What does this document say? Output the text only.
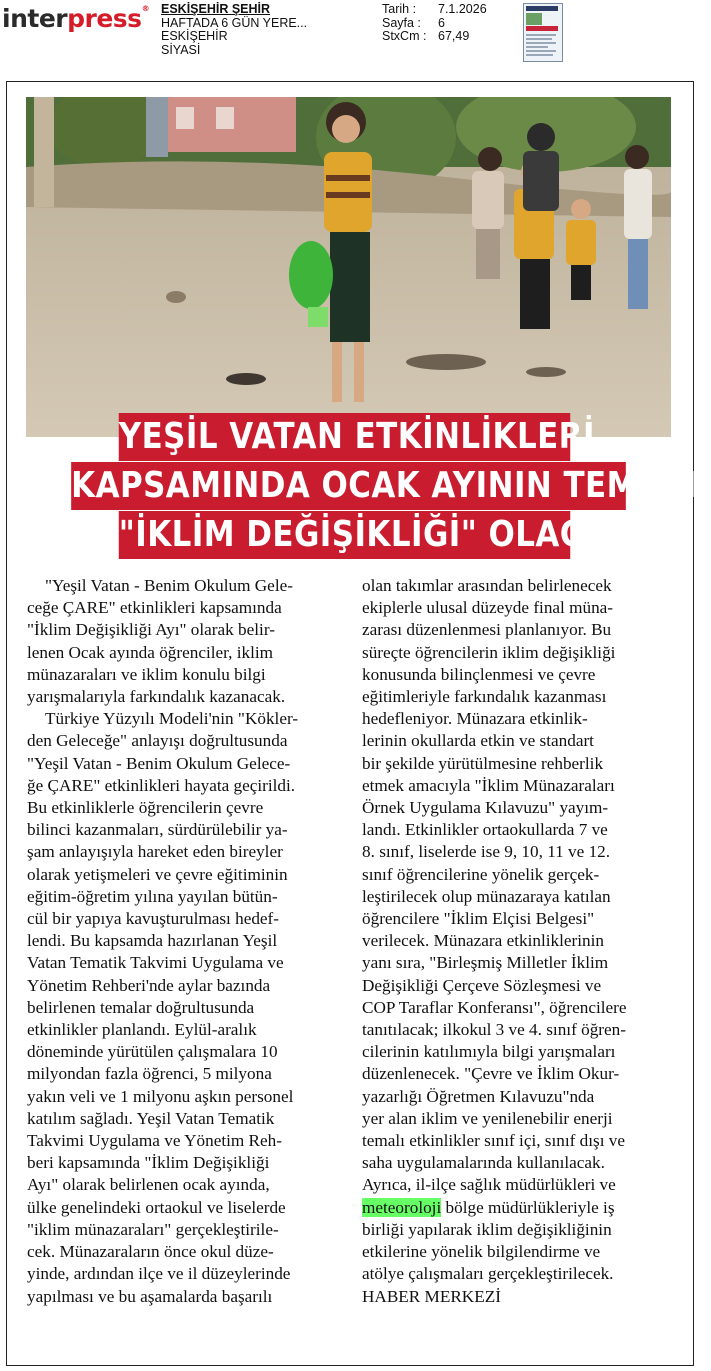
interpress® ESKİŞEHİR ŞEHİR
HAFTADA 6 GÜN YERE...
ESKİŞEHİR
SİYASİ
Tarih :	7.1.2026
Sayfa :	6
StxCm : 67,49
YEŞİL VATAN ETKİNLİKLERİ
KAPSAMINDA OCAK AYININ TEMASI,
"İKLİM DEĞİŞİKLİĞİ" OLACAK

"Yeşil Vatan - Benim Okulum Gele-
ceğe ÇARE" etkinlikleri kapsamında
"İklim Değişikliği Ayı" olarak belir-
lenen Ocak ayında öğrenciler, iklim
münazaraları ve iklim konulu bilgi
yarışmalarıyla farkındalık kazanacak.

Türkiye Yüzyılı Modeli'nin "Kökler-
den Geleceğe" anlayışı doğrultusunda
"Yeşil Vatan - Benim Okulum Gelece-
ğe ÇARE" etkinlikleri hayata geçirildi.
Bu etkinliklerle öğrencilerin çevre
bilinci kazanmaları, sürdürülebilir ya-
şam anlayışıyla hareket eden bireyler
olarak yetişmeleri ve çevre eğitiminin
eğitim-öğretim yılına yayılan bütün-
cül bir yapıya kavuşturulması hedef-
lendi. Bu kapsamda hazırlanan Yeşil
Vatan Tematik Takvimi Uygulama ve
Yönetim Rehberi'nde aylar bazında
belirlenen temalar doğrultusunda
etkinlikler planlandı. Eylül-aralık
döneminde yürütülen çalışmalara 10
milyondan fazla öğrenci, 5 milyona
yakın veli ve 1 milyonu aşkın personel
katılım sağladı. Yeşil Vatan Tematik
Takvimi Uygulama ve Yönetim Reh-
beri kapsamında "İklim Değişikliği
Ayı" olarak belirlenen ocak ayında,
ülke genelindeki ortaokul ve liselerde
"iklim münazaraları" gerçekleştirile-
cek. Münazaraların önce okul düze-
yinde, ardından ilçe ve il düzeylerinde
yapılması ve bu aşamalarda başarılı

olan takımlar arasından belirlenecek
ekiplerle ulusal düzeyde final müna-
zarası düzenlenmesi planlanıyor. Bu
süreçte öğrencilerin iklim değişikliği
konusunda bilinçlenmesi ve çevre
eğitimleriyle farkındalık kazanması
hedefleniyor. Münazara etkinlik-
lerinin okullarda etkin ve standart
bir şekilde yürütülmesine rehberlik
etmek amacıyla "İklim Münazaraları
Örnek Uygulama Kılavuzu" yayım-
landı. Etkinlikler ortaokullarda 7 ve
8. sınıf, liselerde ise 9, 10, 11 ve 12.
sınıf öğrencilerine yönelik gerçek-
leştirilecek olup münazaraya katılan
öğrencilere "İklim Elçisi Belgesi"
verilecek. Münazara etkinliklerinin
yanı sıra, "Birleşmiş Milletler İklim
Değişikliği Çerçeve Sözleşmesi ve
COP Taraflar Konferansı", öğrencilere
tanıtılacak; ilkokul 3 ve 4. sınıf öğren-
cilerinin katılımıyla bilgi yarışmaları
düzenlenecek. "Çevre ve İklim Okur-
yazarlığı Öğretmen Kılavuzu"nda
yer alan iklim ve yenilenebilir enerji
temalı etkinlikler sınıf içi, sınıf dışı ve
saha uygulamalarında kullanılacak.
Ayrıca, il-ilçe sağlık müdürlükleri ve
meteoroloji bölge müdürlükleriyle iş
birliği yapılarak iklim değişikliğinin
etkilerine yönelik bilgilendirme ve
atölye çalışmaları gerçekleştirilecek.

HABER MERKEZİ
